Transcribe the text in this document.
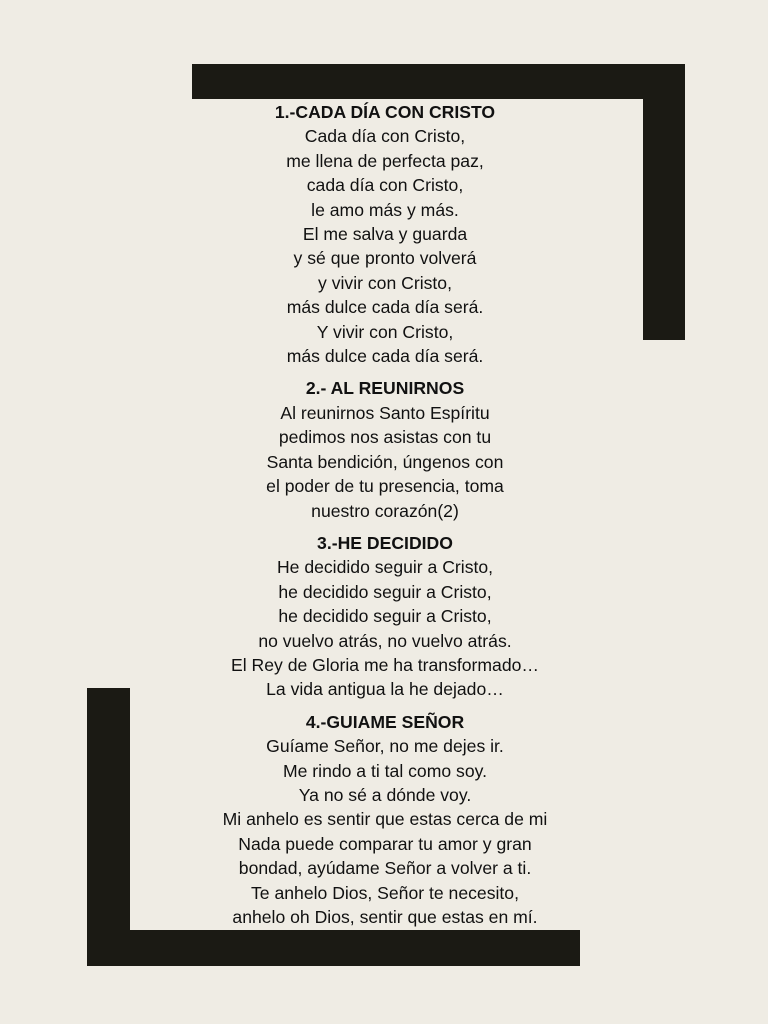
1.-CADA DÍA CON CRISTO
Cada día con Cristo,
me llena de perfecta paz,
cada día con Cristo,
le amo más y más.
El me salva y guarda
y sé que pronto volverá
y vivir con Cristo,
más dulce cada día será.
Y vivir con Cristo,
más dulce cada día será.
2.- AL REUNIRNOS
Al reunirnos Santo Espíritu
pedimos nos asistas con tu
Santa bendición, úngenos con
el poder de tu presencia, toma
nuestro corazón(2)
3.-HE DECIDIDO
He decidido seguir a Cristo,
he decidido seguir a Cristo,
he decidido seguir a Cristo,
no vuelvo atrás, no vuelvo atrás.
El Rey de Gloria me ha transformado…
La vida antigua la he dejado…
4.-GUIAME SEÑOR
Guíame Señor, no me dejes ir.
Me rindo a ti tal como soy.
Ya no sé a dónde voy.
Mi anhelo es sentir que estas cerca de mi
Nada puede comparar tu amor y gran
bondad, ayúdame Señor a volver a ti.
Te anhelo Dios, Señor te necesito,
anhelo oh Dios, sentir que estas en mí.
